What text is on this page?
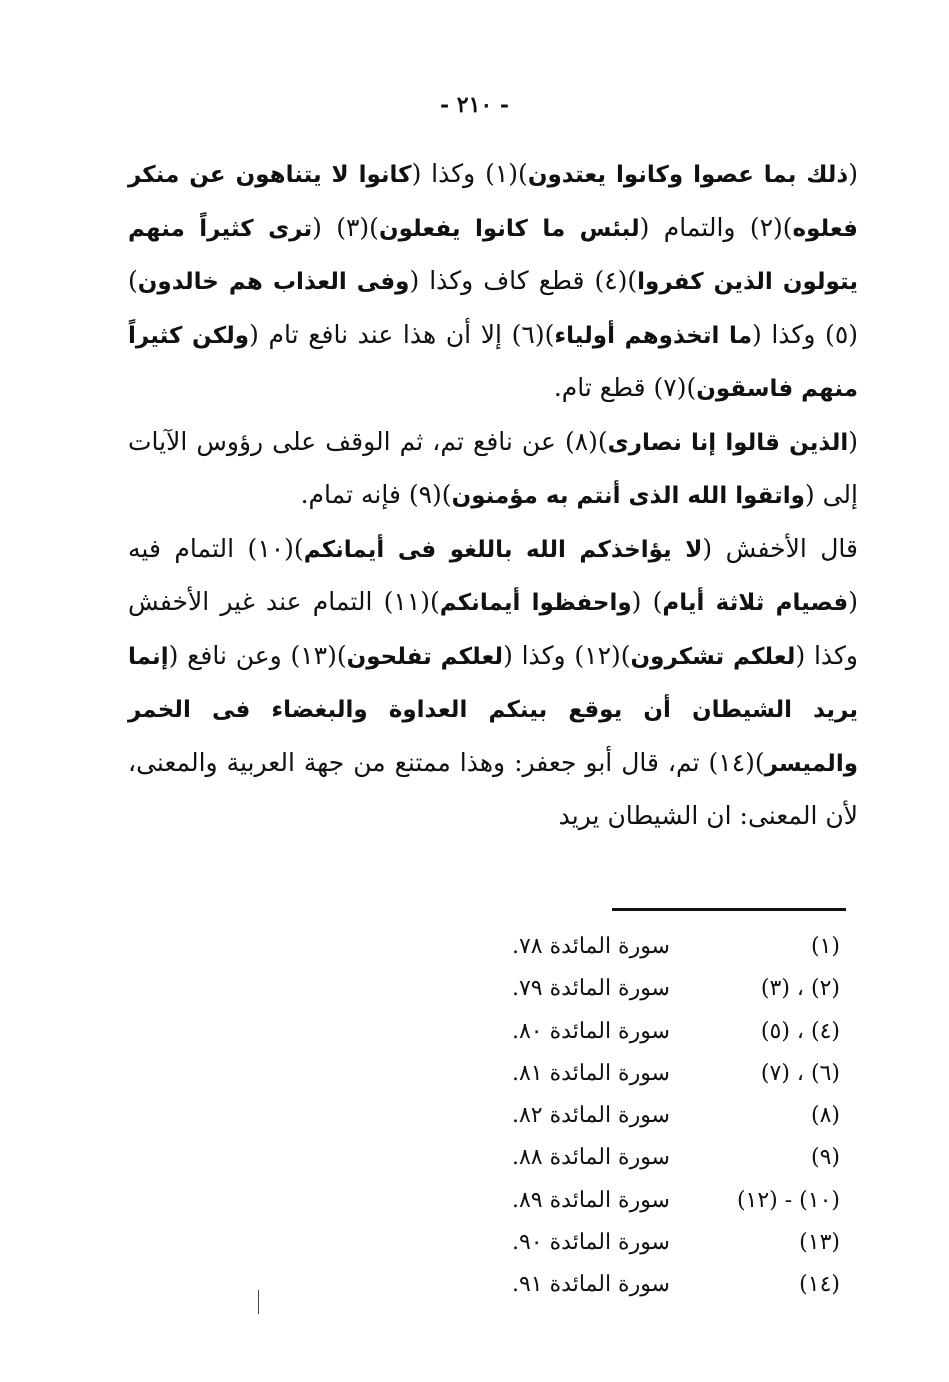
- ٢١٠ -

(ذلك بما عصوا وكانوا يعتدون)(١) وكذا (كانوا لا يتناهون عن منكر فعلوه)(٢) والتمام (لبئس ما كانوا يفعلون)(٣) (ترى كثيراً منهم يتولون الذين كفروا)(٤) قطع كاف وكذا (وفى العذاب هم خالدون)(٥) وكذا (ما اتخذوهم أولياء)(٦) إلا أن هذا عند نافع تام (ولكن كثيراً منهم فاسقون)(٧) قطع تام.

(الذين قالوا إنا نصارى)(٨) عن نافع تم، ثم الوقف على رؤوس الآيات إلى (واتقوا الله الذى أنتم به مؤمنون)(٩) فإنه تمام.

قال الأخفش (لا يؤاخذكم الله باللغو فى أيمانكم)(١٠) التمام فيه (فصيام ثلاثة أيام) (واحفظوا أيمانكم)(١١) التمام عند غير الأخفش وكذا (لعلكم تشكرون)(١٢) وكذا (لعلكم تفلحون)(١٣) وعن نافع (إنما يريد الشيطان أن يوقع بينكم العداوة والبغضاء فى الخمر والميسر)(١٤) تم، قال أبو جعفر: وهذا ممتنع من جهة العربية والمعنى، لأن المعنى: ان الشيطان يريد

(١)
سورة المائدة ٧٨.
(٢) ، (٣)
سورة المائدة ٧٩.
(٤) ، (٥)
سورة المائدة ٨٠.
(٦) ، (٧)
سورة المائدة ٨١.
(٨)
سورة المائدة ٨٢.
(٩)
سورة المائدة ٨٨.
(١٠) - (١٢)
سورة المائدة ٨٩.
(١٣)
سورة المائدة ٩٠.
(١٤)
سورة المائدة ٩١.
